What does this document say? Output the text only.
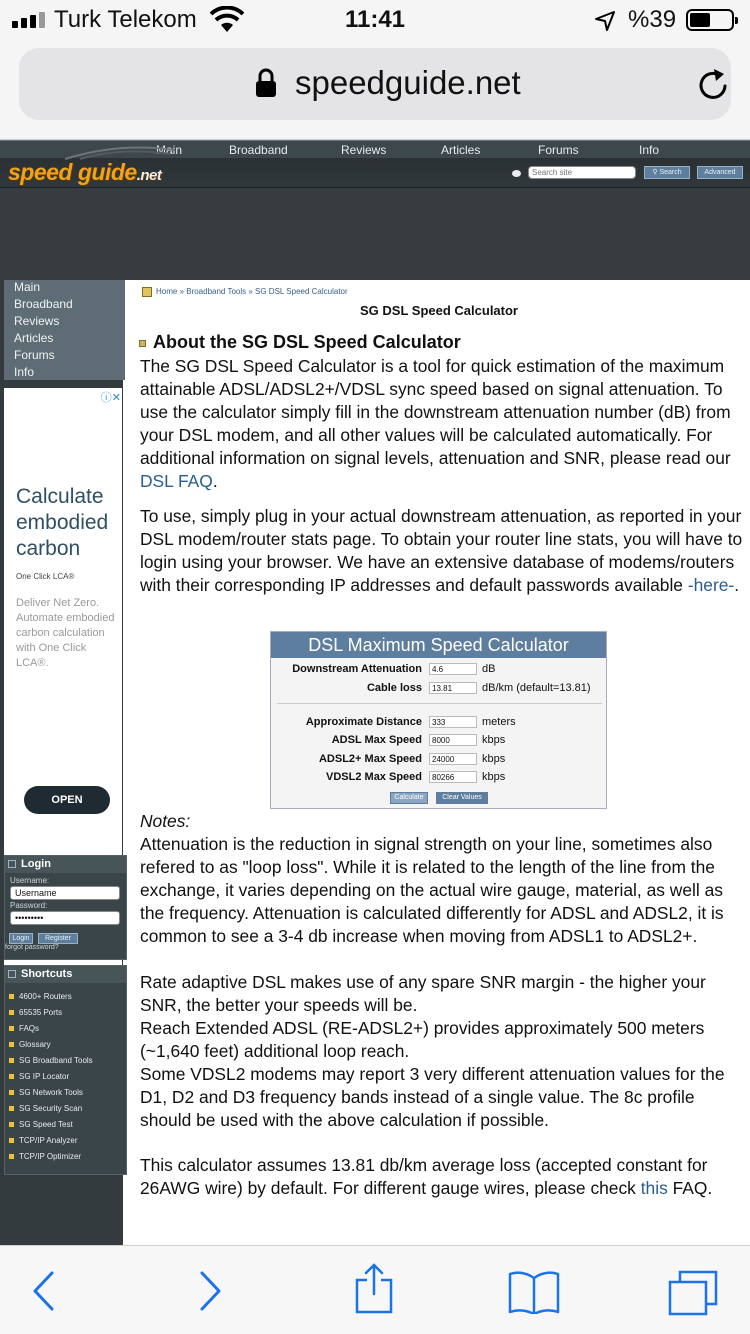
Turk Telekom	11:41	%39
speedguide.net
Main	Broadband	Reviews	Articles	Forums	Info
speed guide.net
Search site	⚲ Search	Advanced
Main
Broadband
Reviews
Articles
Forums
Info
ⓘ✕
Calculate embodied carbon
One Click LCA®
Deliver Net Zero. Automate embodied carbon calculation with One Click LCA®.
OPEN
Login
Username:
Username
Password:
•••••••••
Login	Register
forgot password?
Shortcuts
4600+ Routers
65535 Ports
FAQs
Glossary
SG Broadband Tools
SG IP Locator
SG Network Tools
SG Security Scan
SG Speed Test
TCP/IP Analyzer
TCP/IP Optimizer
Home » Broadband Tools » SG DSL Speed Calculator
SG DSL Speed Calculator
About the SG DSL Speed Calculator
The SG DSL Speed Calculator is a tool for quick estimation of the maximum attainable ADSL/ADSL2+/VDSL sync speed based on signal attenuation. To use the calculator simply fill in the downstream attenuation number (dB) from your DSL modem, and all other values will be calculated automatically. For additional information on signal levels, attenuation and SNR, please read our DSL FAQ.
To use, simply plug in your actual downstream attenuation, as reported in your DSL modem/router stats page. To obtain your router line stats, you will have to login using your browser. We have an extensive database of modems/routers with their corresponding IP addresses and default passwords available -here-.
DSL Maximum Speed Calculator
Downstream Attenuation	4.6	dB
Cable loss	13.81	dB/km (default=13.81)
Approximate Distance	333	meters
ADSL Max Speed	8000	kbps
ADSL2+ Max Speed	24000	kbps
VDSL2 Max Speed	80266	kbps
Calculate	Clear Values
Notes:
Attenuation is the reduction in signal strength on your line, sometimes also refered to as "loop loss". While it is related to the length of the line from the exchange, it varies depending on the actual wire gauge, material, as well as the frequency. Attenuation is calculated differently for ADSL and ADSL2, it is common to see a 3-4 db increase when moving from ADSL1 to ADSL2+.
Rate adaptive DSL makes use of any spare SNR margin - the higher your SNR, the better your speeds will be.
Reach Extended ADSL (RE-ADSL2+) provides approximately 500 meters (~1,640 feet) additional loop reach.
Some VDSL2 modems may report 3 very different attenuation values for the D1, D2 and D3 frequency bands instead of a single value. The 8c profile should be used with the above calculation if possible.
This calculator assumes 13.81 db/km average loss (accepted constant for 26AWG wire) by default. For different gauge wires, please check this FAQ.
